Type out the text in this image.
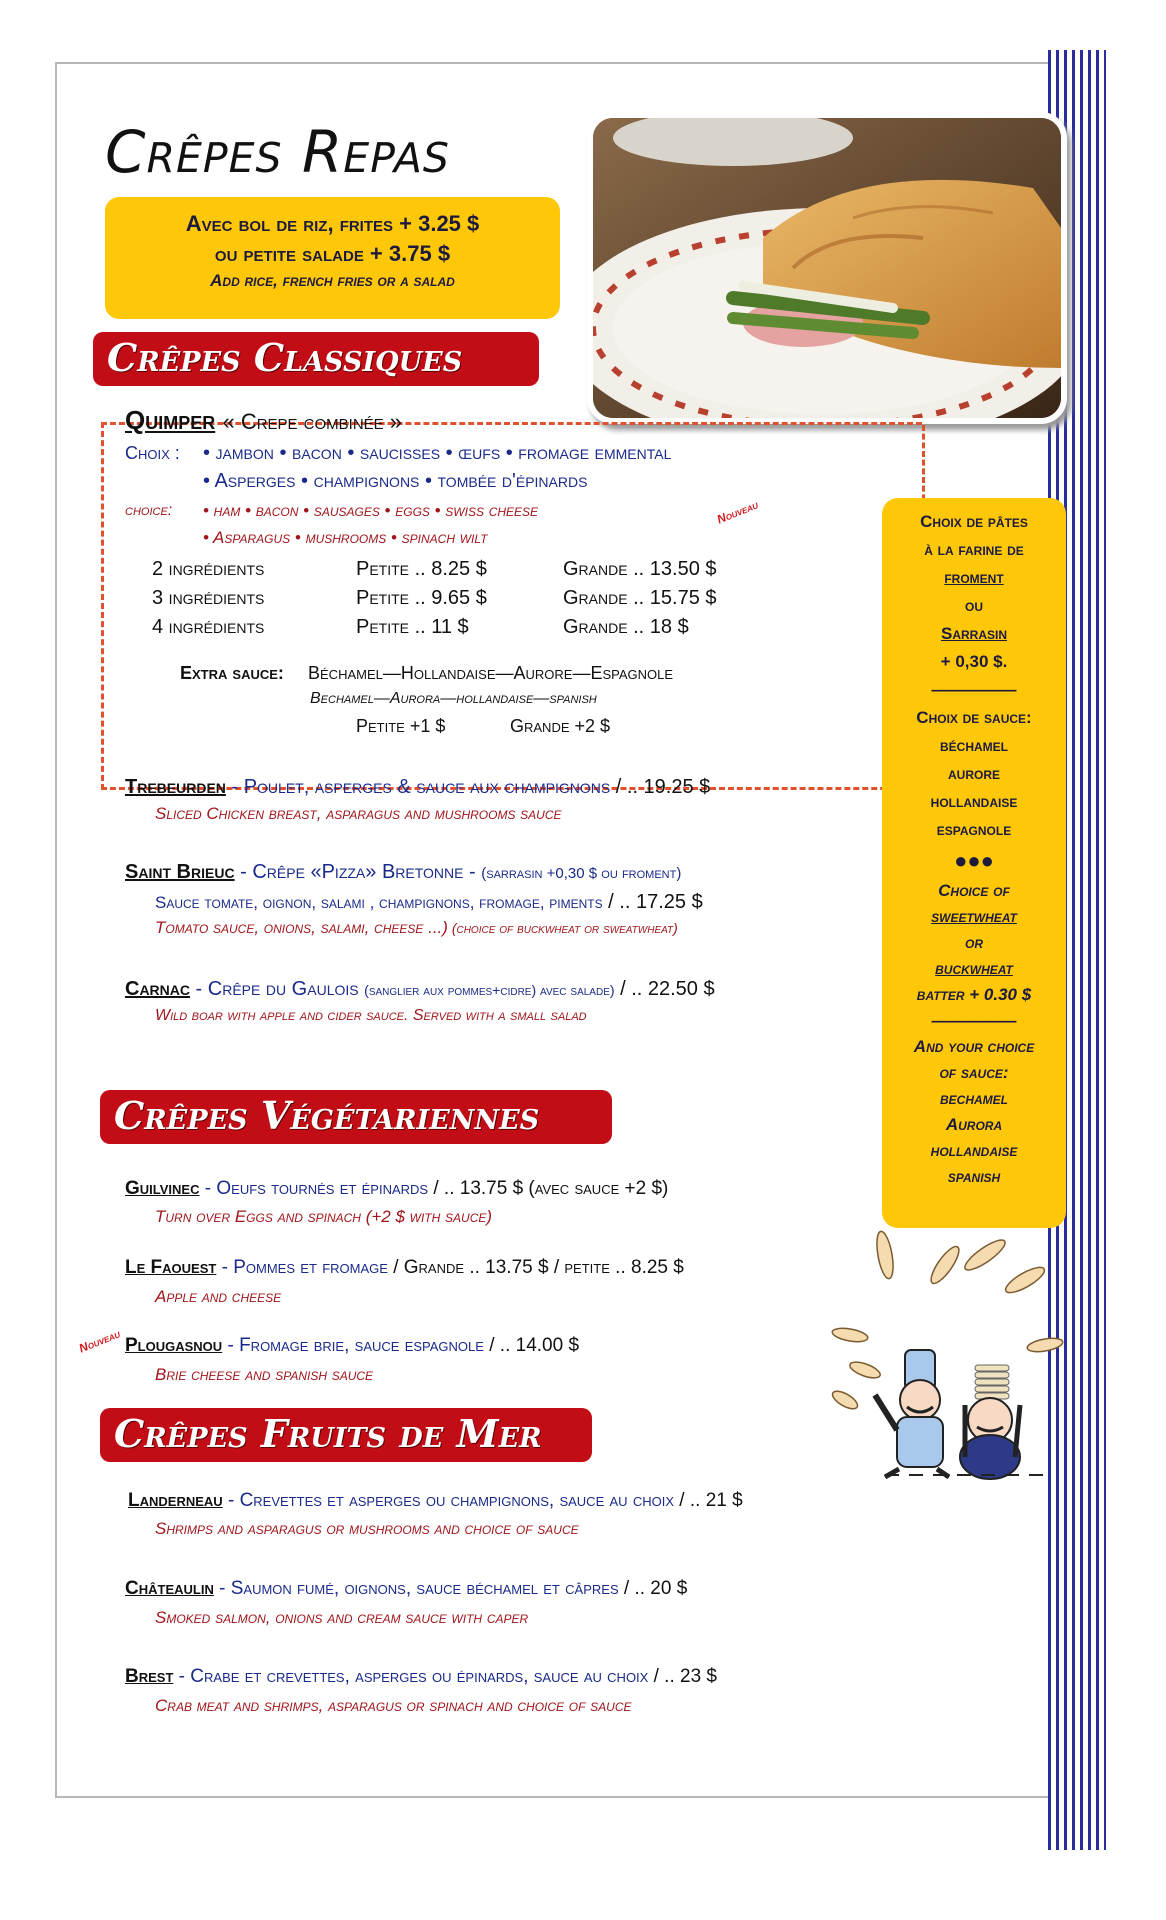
Crêpes Repas
Avec bol de riz, frites + 3.25 $
ou petite salade + 3.75 $
Add rice, french fries or a salad
Crêpes Classiques
Quimper « Crepe combinée »
Choix : • jambon • bacon • saucisses • œufs • fromage emmental
• Asperges • champignons • tombée d'épinards
choice: • ham • bacon • sausages • eggs • swiss cheese
• Asparagus • mushrooms • spinach wilt
Nouveau
2 ingrédients	Petite .. 8.25 $	Grande .. 13.50 $
3 ingrédients	Petite .. 9.65 $	Grande .. 15.75 $
4 ingrédients	Petite .. 11 $	Grande .. 18 $
Extra sauce: Béchamel—Hollandaise—Aurore—Espagnole
Bechamel—Aurora—hollandaise—spanish
Petite +1 $	Grande +2 $
Trebeurden - Poulet, asperges & sauce aux champignons / .. 19.25 $
Sliced Chicken breast, asparagus and mushrooms sauce
Saint Brieuc - Crêpe «Pizza» Bretonne - (sarrasin +0,30 $ ou froment)
Sauce tomate, oignon, salami , champignons, fromage, piments / .. 17.25 $
Tomato sauce, onions, salami, cheese ...) (choice of buckwheat or sweatwheat)
Carnac - Crêpe du Gaulois (sanglier aux pommes+cidre) avec salade) / .. 22.50 $
Wild boar with apple and cider sauce. Served with a small salad
Crêpes Végétariennes
Guilvinec - Oeufs tournés et épinards / .. 13.75 $ (avec sauce +2 $)
Turn over Eggs and spinach (+2 $ with sauce)
Le Faouest - Pommes et fromage / Grande .. 13.75 $ / petite .. 8.25 $
Apple and cheese
Nouveau Plougasnou - Fromage brie, sauce espagnole / .. 14.00 $
Brie cheese and spanish sauce
Crêpes Fruits de Mer
Landerneau - Crevettes et asperges ou champignons, sauce au choix / .. 21 $
Shrimps and asparagus or mushrooms and choice of sauce
Châteaulin - Saumon fumé, oignons, sauce béchamel et câpres / .. 20 $
Smoked salmon, onions and cream sauce with caper
Brest - Crabe et crevettes, asperges ou épinards, sauce au choix / .. 23 $
Crab meat and shrimps, asparagus or spinach and choice of sauce
Choix de pâtes
à la farine de
froment
ou
Sarrasin
+ 0,30 $.
—————
Choix de sauce:
béchamel
aurore
hollandaise
espagnole
●●●
Choice of
sweetwheat
or
buckwheat
batter + 0.30 $
—————
And your choice
of sauce:
bechamel
Aurora
hollandaise
spanish
